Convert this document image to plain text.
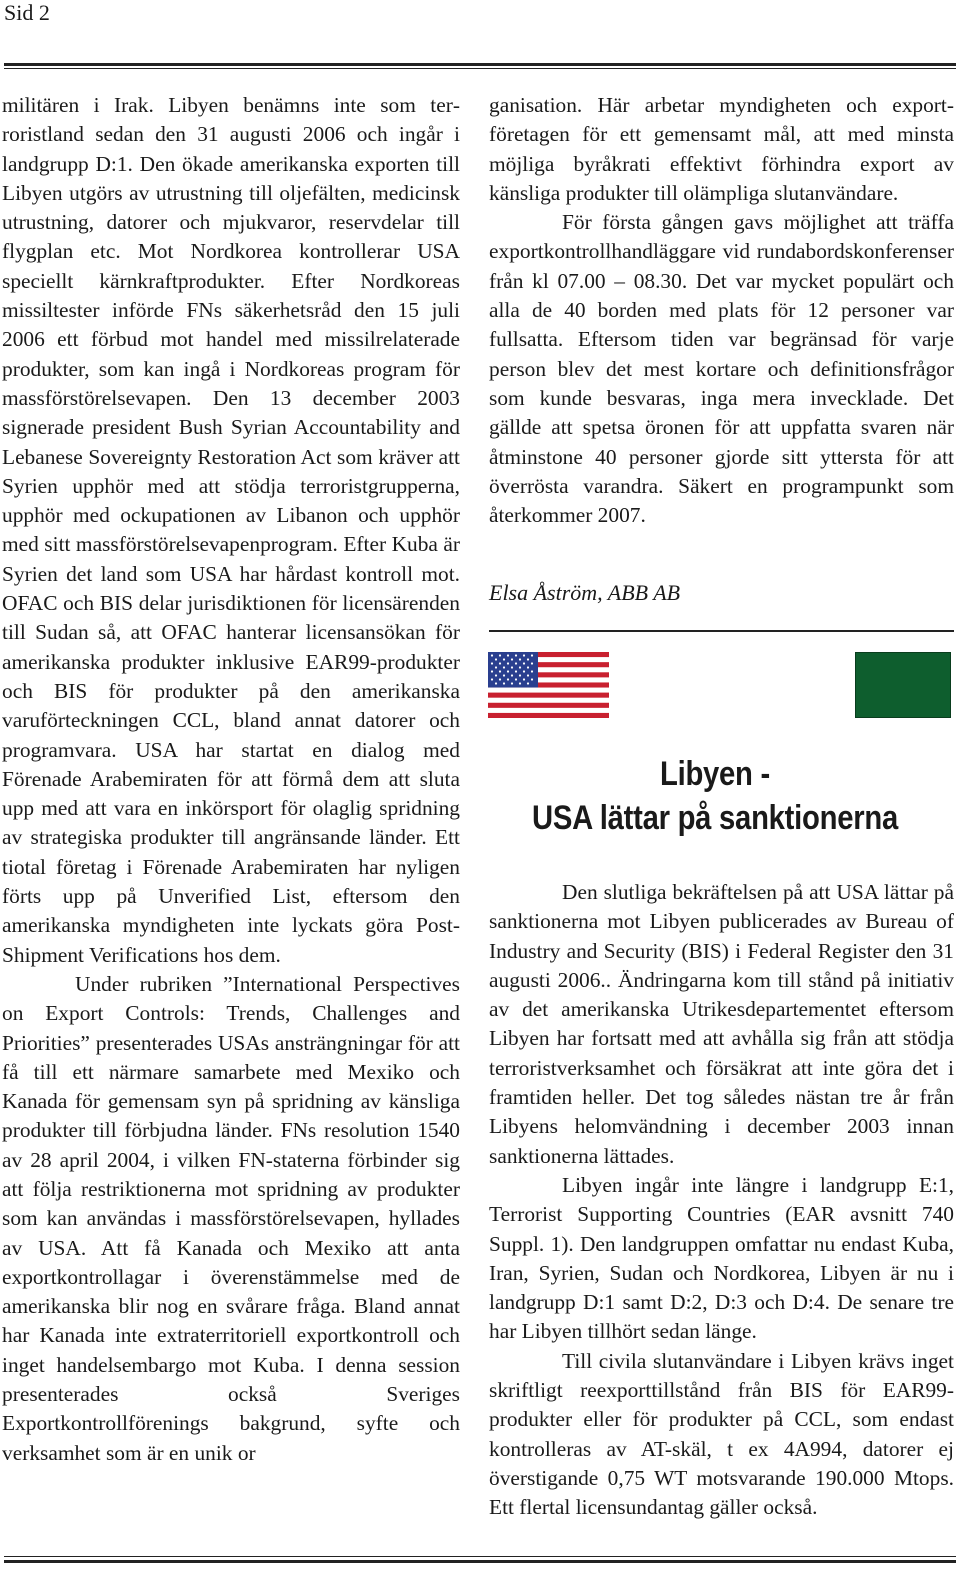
Sid 2

militären i Irak. Libyen benämns inte som terroristland sedan den 31 augusti 2006 och ingår i landgrupp D:1. Den ökade amerikanska exporten till Libyen utgörs av utrustning till oljefälten, medicinsk utrustning, datorer och mjukvaror, reservdelar till flygplan etc. Mot Nordkorea kontrollerar USA speciellt kärnkraftprodukter. Efter Nordkoreas missiltester införde FNs säkerhetsråd den 15 juli 2006 ett förbud mot handel med missilrelaterade produkter, som kan ingå i Nordkoreas program för massförstörelsevapen. Den 13 december 2003 signerade president Bush Syrian Accountability and Lebanese Sovereignty Restoration Act som kräver att Syrien upphör med att stödja terroristgrupperna, upphör med ockupationen av Libanon och upphör med sitt massförstörelsevapenprogram. Efter Kuba är Syrien det land som USA har hårdast kontroll mot. OFAC och BIS delar jurisdiktionen för licensärenden till Sudan så, att OFAC hanterar licensansökan för amerikanska produkter inklusive EAR99-produkter och BIS för produkter på den amerikanska varuförteckningen CCL, bland annat datorer och programvara. USA har startat en dialog med Förenade Arabemiraten för att förmå dem att sluta upp med att vara en inkörsport för olaglig spridning av strategiska produkter till angränsande länder. Ett tiotal företag i Förenade Arabemiraten har nyligen förts upp på Unverified List, eftersom den amerikanska myndigheten inte lyckats göra Post-Shipment Verifications hos dem.

Under rubriken ”International Perspectives on Export Controls: Trends, Challenges and Priorities” presenterades USAs ansträngningar för att få till ett närmare samarbete med Mexiko och Kanada för gemensam syn på spridning av känsliga produkter till förbjudna länder. FNs resolution 1540 av 28 april 2004, i vilken FN-staterna förbinder sig att följa restriktionerna mot spridning av produkter som kan användas i massförstörelsevapen, hyllades av USA. Att få Kanada och Mexiko att anta exportkontrollagar i överenstämmelse med de amerikanska blir nog en svårare fråga. Bland annat har Kanada inte extraterritoriell exportkontroll och inget handelsembargo mot Kuba. I denna session presenterades också Sveriges Exportkontrollförenings bakgrund, syfte och verksamhet som är en unik or

ganisation. Här arbetar myndigheten och exportföretagen för ett gemensamt mål, att med minsta möjliga byråkrati effektivt förhindra export av känsliga produkter till olämpliga slutanvändare.

För första gången gavs möjlighet att träffa exportkontrollhandläggare vid rundabordskonferenser från kl 07.00 – 08.30. Det var mycket populärt och alla de 40 borden med plats för 12 personer var fullsatta. Eftersom tiden var begränsad för varje person blev det mest kortare och definitionsfrågor som kunde besvaras, inga mera invecklade. Det gällde att spetsa öronen för att uppfatta svaren när åtminstone 40 personer gjorde sitt yttersta för att överrösta varandra. Säkert en programpunkt som återkommer 2007.

Elsa Åström, ABB AB
Libyen -
USA lättar på sanktionerna

Den slutliga bekräftelsen på att USA lättar på sanktionerna mot Libyen publicerades av Bureau of Industry and Security (BIS) i Federal Register den 31 augusti 2006.. Ändringarna kom till stånd på initiativ av det amerikanska Utrikesdepartementet eftersom Libyen har fortsatt med att avhålla sig från att stödja terroristverksamhet och försäkrat att inte göra det i framtiden heller. Det tog således nästan tre år från Libyens helomvändning i december 2003 innan sanktionerna lättades.

Libyen ingår inte längre i landgrupp E:1, Terrorist Supporting Countries (EAR avsnitt 740 Suppl. 1). Den landgruppen omfattar nu endast Kuba, Iran, Syrien, Sudan och Nordkorea, Libyen är nu i landgrupp D:1 samt D:2, D:3 och D:4. De senare tre har Libyen tillhört sedan länge.

Till civila slutanvändare i Libyen krävs inget skriftligt reexporttillstånd från BIS för EAR99-produkter eller för produkter på CCL, som endast kontrolleras av AT-skäl, t ex 4A994, datorer ej överstigande 0,75 WT motsvarande 190.000 Mtops. Ett flertal licensundantag gäller också.
